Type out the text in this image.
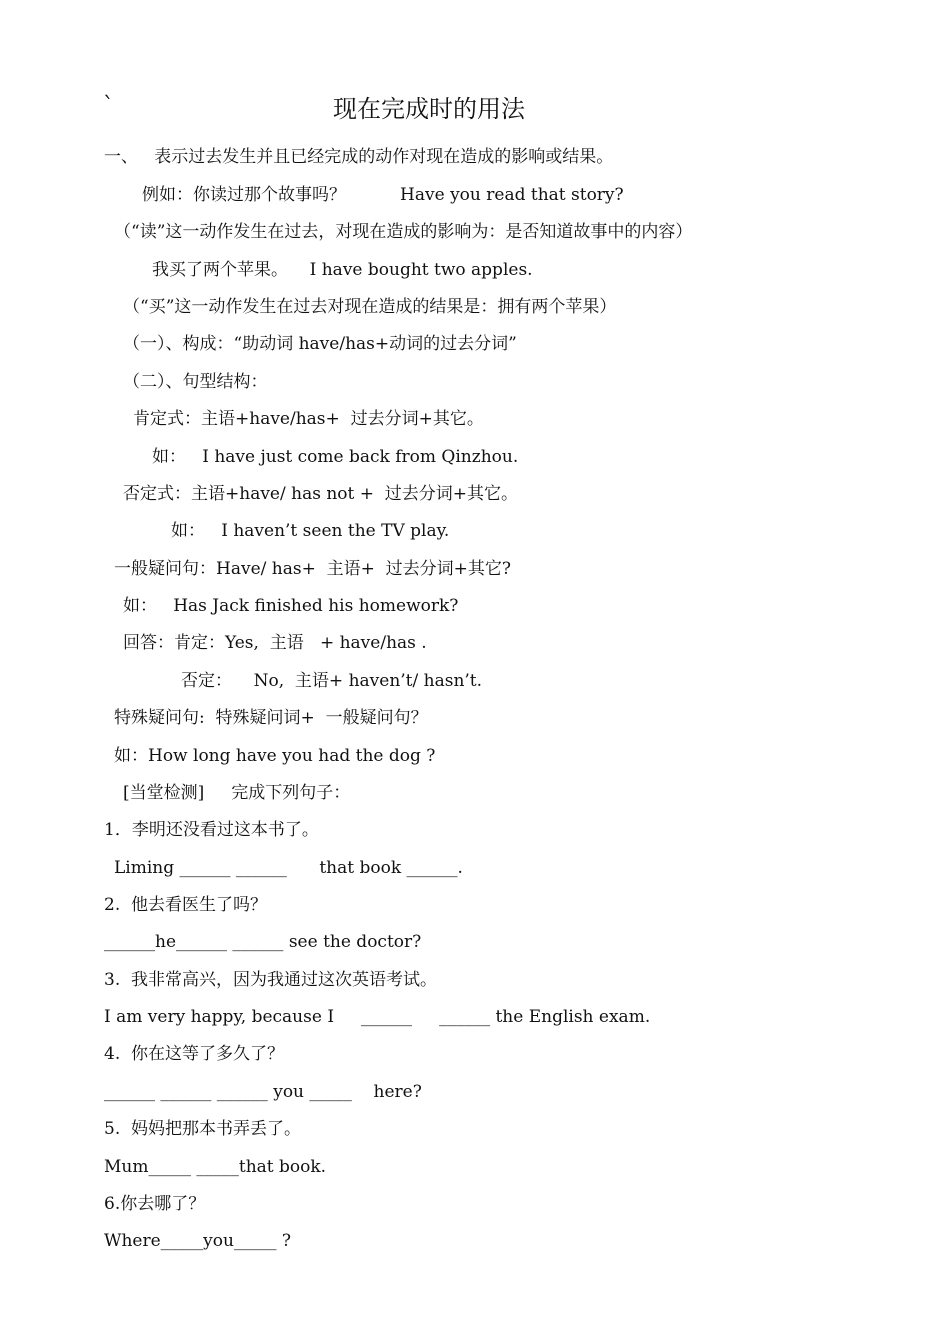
`	现在完成时的用法
一、   表示过去发生并且已经完成的动作对现在造成的影响或结果。
例如：你读过那个故事吗？          Have you read that story?
（“读”这一动作发生在过去，对现在造成的影响为：是否知道故事中的内容）
我买了两个苹果。    I have bought two apples.
（“买”这一动作发生在过去对现在造成的结果是：拥有两个苹果）
（一）、构成：“助动词 have/has+动词的过去分词”
（二）、句型结构：
肯定式：主语+have/has+  过去分词+其它。
如：   I have just come back from Qinzhou.
否定式：主语+have/ has not +  过去分词+其它。
如：   I haven’t seen the TV play.
一般疑问句：Have/ has+  主语+  过去分词+其它?
如：   Has Jack finished his homework?
回答：肯定：Yes,  主语   + have/has .
否定：    No,  主语+ haven’t/ hasn’t.
特殊疑问句:  特殊疑问词+  一般疑问句？
如：How long have you had the dog ?
[当堂检测]     完成下列句子：
1．李明还没看过这本书了。
Liming ______ ______      that book ______.
2.  他去看医生了吗？
______he______ ______ see the doctor?
3.  我非常高兴，因为我通过这次英语考试。
I am very happy, because I     ______     ______ the English exam.
4.  你在这等了多久了？
______ ______ ______ you _____    here?
5.  妈妈把那本书弄丢了。
Mum_____ _____that book.
6.你去哪了？
Where_____you_____ ?
